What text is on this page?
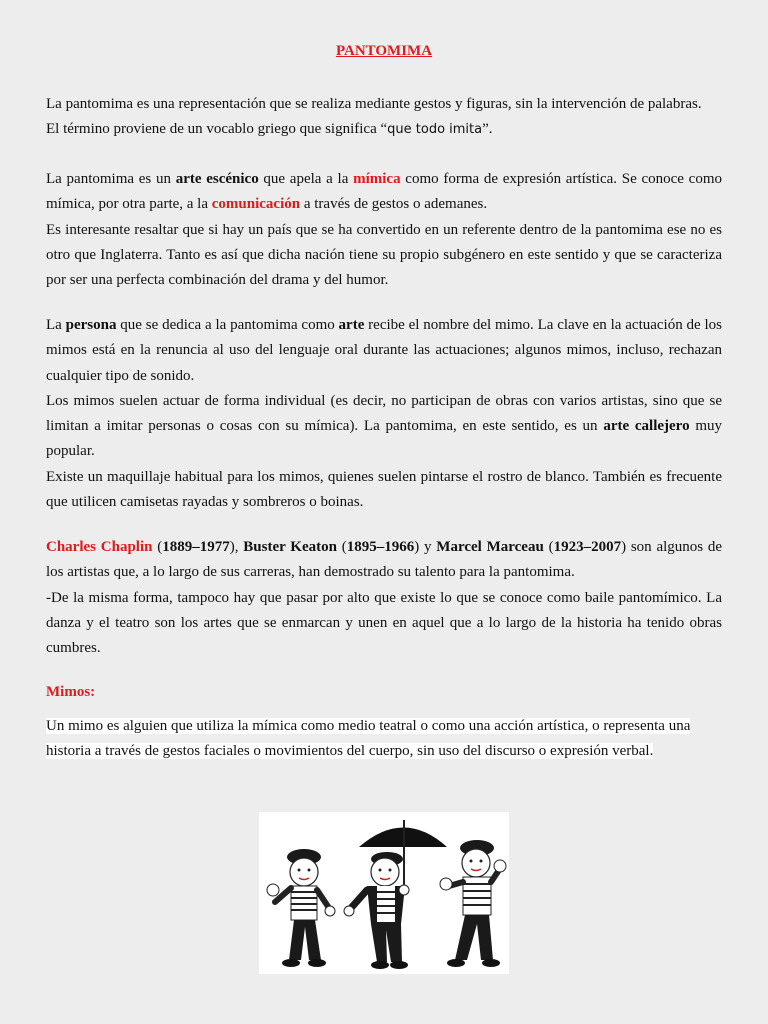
PANTOMIMA
La pantomima es una representación que se realiza mediante gestos y figuras, sin la intervención de palabras.
El término proviene de un vocablo griego que significa “que todo imita”.
La pantomima es un arte escénico que apela a la mímica como forma de expresión artística. Se conoce como mímica, por otra parte, a la comunicación a través de gestos o ademanes.
Es interesante resaltar que si hay un país que se ha convertido en un referente dentro de la pantomima ese no es otro que Inglaterra. Tanto es así que dicha nación tiene su propio subgénero en este sentido y que se caracteriza por ser una perfecta combinación del drama y del humor.
La persona que se dedica a la pantomima como arte recibe el nombre del mimo. La clave en la actuación de los mimos está en la renuncia al uso del lenguaje oral durante las actuaciones; algunos mimos, incluso, rechazan cualquier tipo de sonido.
Los mimos suelen actuar de forma individual (es decir, no participan de obras con varios artistas, sino que se limitan a imitar personas o cosas con su mímica). La pantomima, en este sentido, es un arte callejero muy popular.
Existe un maquillaje habitual para los mimos, quienes suelen pintarse el rostro de blanco. También es frecuente que utilicen camisetas rayadas y sombreros o boinas.
Charles Chaplin (1889–1977), Buster Keaton (1895–1966) y Marcel Marceau (1923–2007) son algunos de los artistas que, a lo largo de sus carreras, han demostrado su talento para la pantomima.
-De la misma forma, tampoco hay que pasar por alto que existe lo que se conoce como baile pantomímico. La danza y el teatro son los artes que se enmarcan y unen en aquel que a lo largo de la historia ha tenido obras cumbres.
Mimos:
Un mimo es alguien que utiliza la mímica como medio teatral o como una acción artística, o representa una
historia a través de gestos faciales o movimientos del cuerpo, sin uso del discurso o expresión verbal.
